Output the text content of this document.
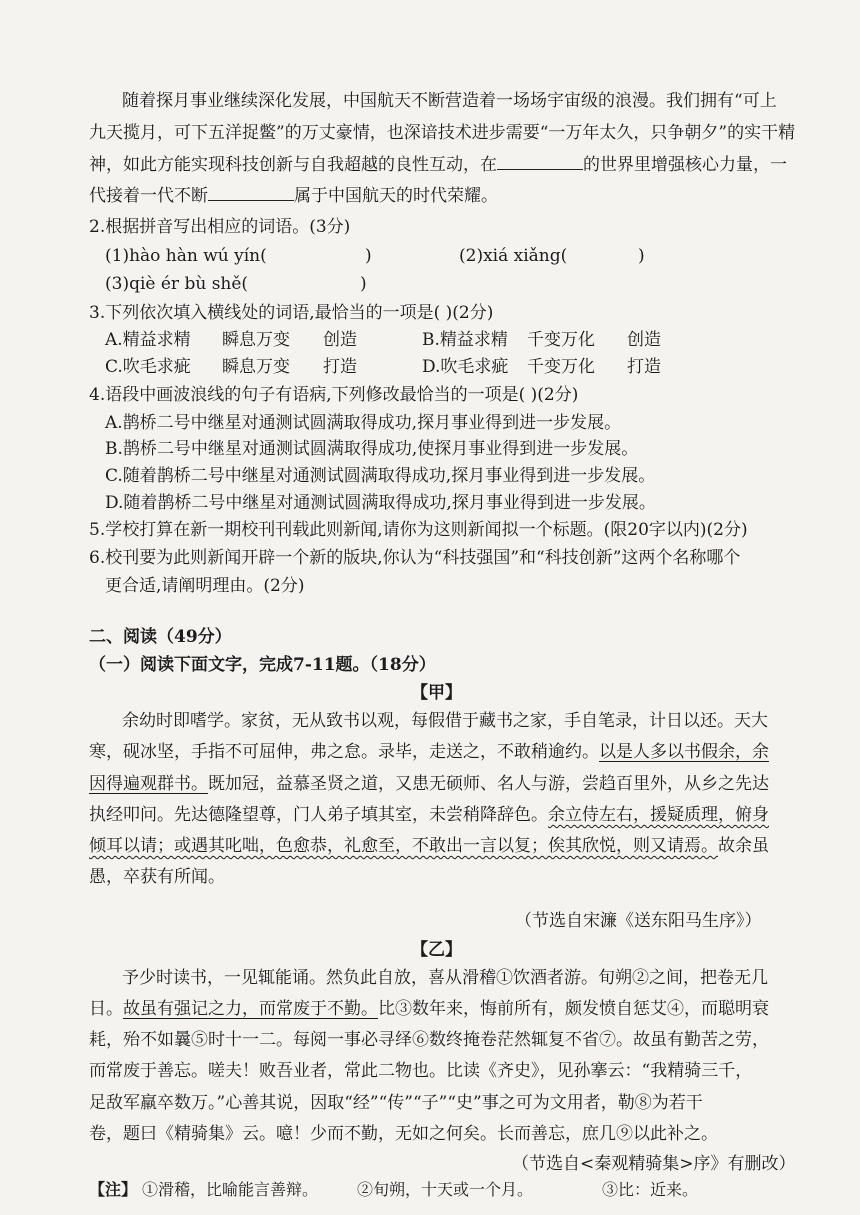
随着探月事业继续深化发展，中国航天不断营造着一场场宇宙级的浪漫。我们拥有“可上
九天揽月，可下五洋捉鳖”的万丈豪情，也深谙技术进步需要“一万年太久，只争朝夕”的实干精
神，如此方能实现科技创新与自我超越的良性互动，在	的世界里增强核心力量，一
代接着一代不断	属于中国航天的时代荣耀。
2.根据拼音写出相应的词语。(3分)
(1)hào hàn wú yín(	)	(2)xiá xiǎng(	)
(3)qiè ér bù shě(	)
3.下列依次填入横线处的词语,最恰当的一项是( )(2分)
A.精益求精 瞬息万变 创造	B.精益求精 千变万化 创造
C.吹毛求疵 瞬息万变 打造	D.吹毛求疵 千变万化 打造
4.语段中画波浪线的句子有语病,下列修改最恰当的一项是( )(2分)
A.鹊桥二号中继星对通测试圆满取得成功,探月事业得到进一步发展。
B.鹊桥二号中继星对通测试圆满取得成功,使探月事业得到进一步发展。
C.随着鹊桥二号中继星对通测试圆满取得成功,探月事业得到进一步发展。
D.随着鹊桥二号中继星对通测试圆满取得成功,探月事业得到进一步发展。
5.学校打算在新一期校刊刊载此则新闻,请你为这则新闻拟一个标题。(限20字以内)(2分)
6.校刊要为此则新闻开辟一个新的版块,你认为“科技强国”和“科技创新”这两个名称哪个
更合适,请阐明理由。(2分)
二、阅读（49分）
（一）阅读下面文字，完成7-11题。（18分）
【甲】
余幼时即嗜学。家贫，无从致书以观，每假借于藏书之家，手自笔录，计日以还。天大
寒，砚冰坚，手指不可屈伸，弗之怠。录毕，走送之，不敢稍逾约。以是人多以书假余，余
因得遍观群书。既加冠，益慕圣贤之道，又患无硕师、名人与游，尝趋百里外，从乡之先达
执经叩问。先达德隆望尊，门人弟子填其室，未尝稍降辞色。余立侍左右，援疑质理，俯身
倾耳以请；或遇其叱咄，色愈恭，礼愈至，不敢出一言以复；俟其欣悦，则又请焉。故余虽
愚，卒获有所闻。
（节选自宋濂《送东阳马生序》）
【乙】
予少时读书，一见辄能诵。然负此自放，喜从滑稽①饮酒者游。旬朔②之间，把卷无几
日。故虽有强记之力，而常废于不勤。比③数年来，悔前所有，颇发愤自惩艾④，而聪明衰
耗，殆不如曩⑤时十一二。每阅一事必寻绎⑥数终掩卷茫然辄复不省⑦。故虽有勤苦之劳，
而常废于善忘。嗟夫！败吾业者，常此二物也。比读《齐史》，见孙搴云：“我精骑三千，
足敌军羸卒数万。”心善其说，因取“经”“传”“子”“史”事之可为文用者，勒⑧为若干
卷，题曰《精骑集》云。噫！少而不勤，无如之何矣。长而善忘，庶几⑨以此补之。
（节选自<秦观精骑集>序》有删改）
【注】 ①滑稽，比喻能言善辩。 ②旬朔，十天或一个月。	③比：近来。
